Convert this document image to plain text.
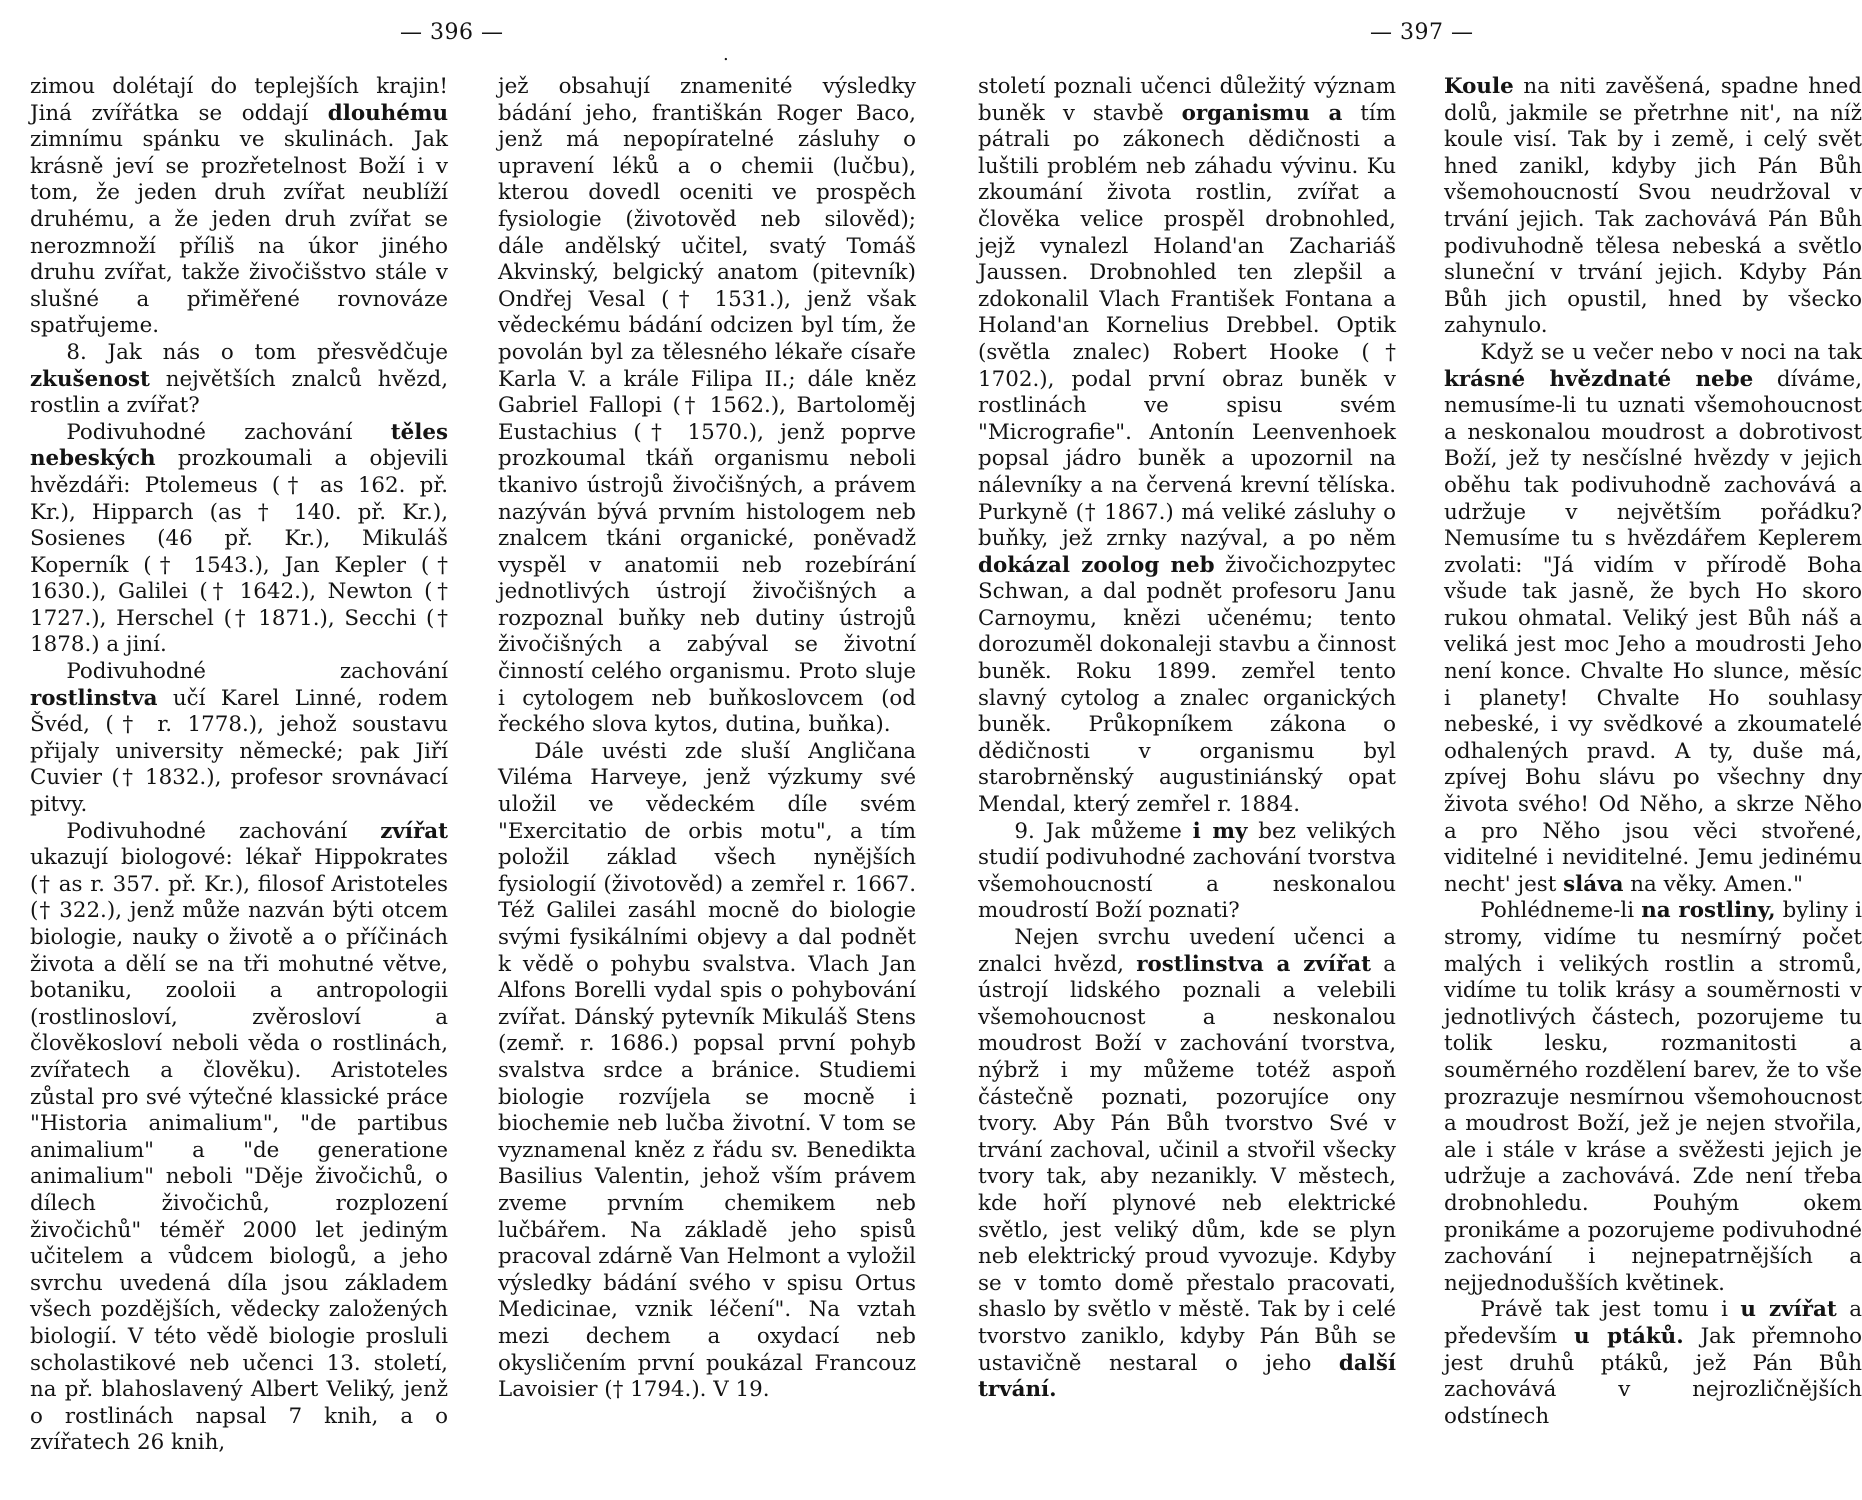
— 396 —
.
— 397 —

zimou dolétají do teplejších krajin! Jiná zvířátka se oddají dlouhému zimnímu spánku ve skulinách. Jak krásně jeví se prozřetelnost Boží i v tom, že jeden druh zvířat neublíží druhému, a že jeden druh zvířat se nerozmnoží příliš na úkor jiného druhu zvířat, takže živočišstvo stále v slušné a přiměřené rovnováze spatřujeme.

8. Jak nás o tom přesvědčuje zkušenost největších znalců hvězd, rostlin a zvířat?

Podivuhodné zachování těles nebeských prozkoumali a objevili hvězdáři: Ptolemeus († as 162. př. Kr.), Hipparch (as † 140. př. Kr.), Sosienes (46 př. Kr.), Mikuláš Koperník († 1543.), Jan Kepler († 1630.), Galilei († 1642.), Newton († 1727.), Herschel († 1871.), Secchi († 1878.) a jiní.

Podivuhodné zachování rostlinstva učí Karel Linné, rodem Švéd, († r. 1778.), jehož soustavu přijaly university německé; pak Jiří Cuvier († 1832.), profesor srovnávací pitvy.

Podivuhodné zachování zvířat ukazují biologové: lékař Hippokrates († as r. 357. př. Kr.), filosof Aristoteles († 322.), jenž může nazván býti otcem biologie, nauky o životě a o příčinách života a dělí se na tři mohutné větve, botaniku, zooloii a antropologii (rostlinosloví, zvěrosloví a člověkosloví neboli věda o rostlinách, zvířatech a člověku). Aristoteles zůstal pro své výtečné klassické práce "Historia animalium", "de partibus animalium" a "de generatione animalium" neboli "Děje živočichů, o dílech živočichů, rozplození živočichů" téměř 2000 let jediným učitelem a vůdcem biologů, a jeho svrchu uvedená díla jsou základem všech pozdějších, vědecky založených biologií. V této vědě biologie prosluli scholastikové neb učenci 13. století, na př. blahoslavený Albert Veliký, jenž o rostlinách napsal 7 knih, a o zvířatech 26 knih,

jež obsahují znamenité výsledky bádání jeho, františkán Roger Baco, jenž má nepopíratelné zásluhy o upravení léků a o chemii (lučbu), kterou dovedl oceniti ve prospěch fysiologie (životověd neb silověd); dále andělský učitel, svatý Tomáš Akvinský, belgický anatom (pitevník) Ondřej Vesal († 1531.), jenž však vědeckému bádání odcizen byl tím, že povolán byl za tělesného lékaře císaře Karla V. a krále Filipa II.; dále kněz Gabriel Fallopi († 1562.), Bartoloměj Eustachius († 1570.), jenž poprve prozkoumal tkáň organismu neboli tkanivo ústrojů živočišných, a právem nazýván bývá prvním histologem neb znalcem tkáni organické, poněvadž vyspěl v anatomii neb rozebírání jednotlivých ústrojí živočišných a rozpoznal buňky neb dutiny ústrojů živočišných a zabýval se životní činností celého organismu. Proto sluje i cytologem neb buňkoslovcem (od řeckého slova kytos, dutina, buňka).

Dále uvésti zde sluší Angličana Viléma Harveye, jenž výzkumy své uložil ve vědeckém díle svém "Exercitatio de orbis motu", a tím položil základ všech nynějších fysiologií (životověd) a zemřel r. 1667. Též Galilei zasáhl mocně do biologie svými fysikálními objevy a dal podnět k vědě o pohybu svalstva. Vlach Jan Alfons Borelli vydal spis o pohybování zvířat. Dánský pytevník Mikuláš Stens (zemř. r. 1686.) popsal první pohyb svalstva srdce a bránice. Studiemi biologie rozvíjela se mocně i biochemie neb lučba životní. V tom se vyznamenal kněz z řádu sv. Benedikta Basilius Valentin, jehož vším právem zveme prvním chemikem neb lučbářem. Na základě jeho spisů pracoval zdárně Van Helmont a vyložil výsledky bádání svého v spisu Ortus Medicinae, vznik léčení". Na vztah mezi dechem a oxydací neb okysličením první poukázal Francouz Lavoisier († 1794.). V 19.

století poznali učenci důležitý význam buněk v stavbě organismu a tím pátrali po zákonech dědičnosti a luštili problém neb záhadu vývinu. Ku zkoumání života rostlin, zvířat a člověka velice prospěl drobnohled, jejž vynalezl Holand'an Zachariáš Jaussen. Drobnohled ten zlepšil a zdokonalil Vlach František Fontana a Holand'an Kornelius Drebbel. Optik (světla znalec) Robert Hooke († 1702.), podal první obraz buněk v rostlinách ve spisu svém "Micrografie". Antonín Leenvenhoek popsal jádro buněk a upozornil na nálevníky a na červená krevní tělíska. Purkyně († 1867.) má veliké zásluhy o buňky, jež zrnky nazýval, a po něm dokázal zoolog neb živočichozpytec Schwan, a dal podnět profesoru Janu Carnoymu, knězi učenému; tento dorozuměl dokonaleji stavbu a činnost buněk. Roku 1899. zemřel tento slavný cytolog a znalec organických buněk. Průkopníkem zákona o dědičnosti v organismu byl starobrněnský augustiniánský opat Mendal, který zemřel r. 1884.

9. Jak můžeme i my bez velikých studií podivuhodné zachování tvorstva všemohoucností a neskonalou moudrostí Boží poznati?

Nejen svrchu uvedení učenci a znalci hvězd, rostlinstva a zvířat a ústrojí lidského poznali a velebili všemohoucnost a neskonalou moudrost Boží v zachování tvorstva, nýbrž i my můžeme totéž aspoň částečně poznati, pozorujíce ony tvory. Aby Pán Bůh tvorstvo Své v trvání zachoval, učinil a stvořil všecky tvory tak, aby nezanikly. V městech, kde hoří plynové neb elektrické světlo, jest veliký dům, kde se plyn neb elektrický proud vyvozuje. Kdyby se v tomto domě přestalo pracovati, shaslo by světlo v městě. Tak by i celé tvorstvo zaniklo, kdyby Pán Bůh se ustavičně nestaral o jeho další trvání.

Koule na niti zavěšená, spadne hned dolů, jakmile se přetrhne nit', na níž koule visí. Tak by i země, i celý svět hned zanikl, kdyby jich Pán Bůh všemohoucností Svou neudržoval v trvání jejich. Tak zachovává Pán Bůh podivuhodně tělesa nebeská a světlo sluneční v trvání jejich. Kdyby Pán Bůh jich opustil, hned by všecko zahynulo.

Když se u večer nebo v noci na tak krásné hvězdnaté nebe díváme, nemusíme-li tu uznati všemohoucnost a neskonalou moudrost a dobrotivost Boží, jež ty nesčíslné hvězdy v jejich oběhu tak podivuhodně zachovává a udržuje v největším pořádku? Nemusíme tu s hvězdářem Keplerem zvolati: "Já vidím v přírodě Boha všude tak jasně, že bych Ho skoro rukou ohmatal. Veliký jest Bůh náš a veliká jest moc Jeho a moudrosti Jeho není konce. Chvalte Ho slunce, měsíc i planety! Chvalte Ho souhlasy nebeské, i vy svědkové a zkoumatelé odhalených pravd. A ty, duše má, zpívej Bohu slávu po všechny dny života svého! Od Něho, a skrze Něho a pro Něho jsou věci stvořené, viditelné i neviditelné. Jemu jedinému necht' jest sláva na věky. Amen."

Pohlédneme-li na rostliny, byliny i stromy, vidíme tu nesmírný počet malých i velikých rostlin a stromů, vidíme tu tolik krásy a souměrnosti v jednotlivých částech, pozorujeme tu tolik lesku, rozmanitosti a souměrného rozdělení barev, že to vše prozrazuje nesmírnou všemohoucnost a moudrost Boží, jež je nejen stvořila, ale i stále v kráse a svěžesti jejich je udržuje a zachovává. Zde není třeba drobnohledu. Pouhým okem pronikáme a pozorujeme podivuhodné zachování i nejnepatrnějších a nejjednodušších květinek.

Právě tak jest tomu i u zvířat a především u ptáků. Jak přemnoho jest druhů ptáků, jež Pán Bůh zachovává v nejrozličnějších odstínech
